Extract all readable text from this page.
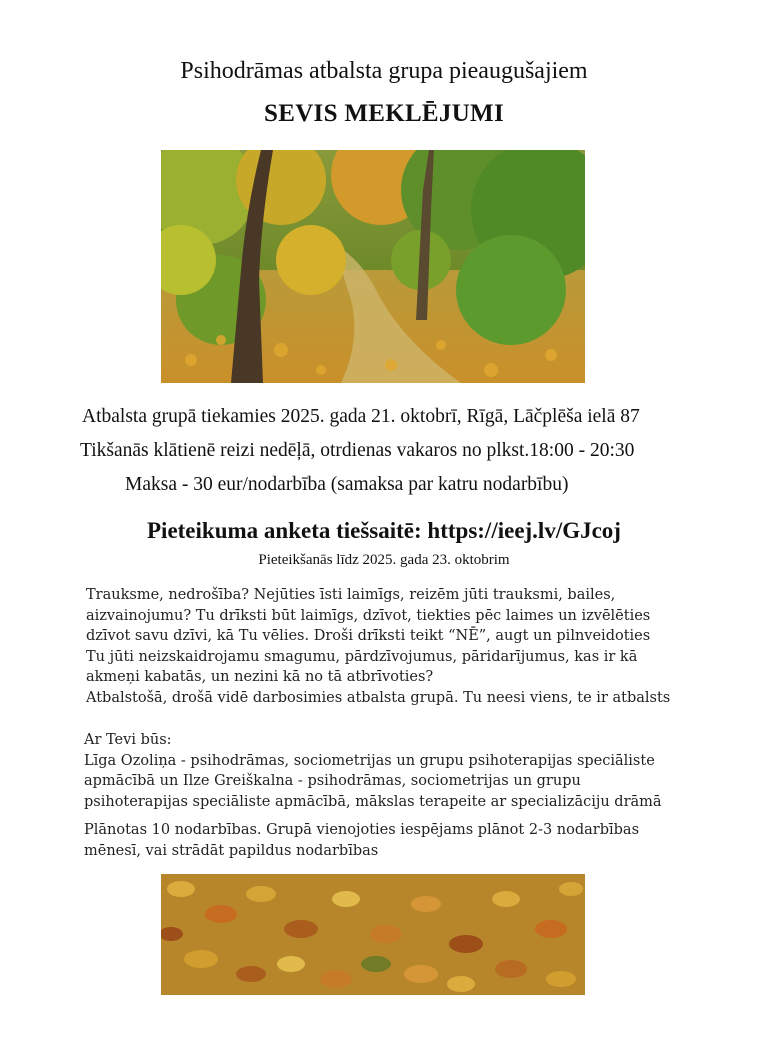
Psihodrāmas atbalsta grupa pieaugušajiem
SEVIS MEKLĒJUMI
Atbalsta grupā tiekamies 2025. gada 21. oktobrī, Rīgā, Lāčplēša ielā 87
Tikšanās klātienē reizi nedēļā, otrdienas vakaros no plkst.18:00 - 20:30
Maksa - 30 eur/nodarbība (samaksa par katru nodarbību)
Pieteikuma anketa tiešsaitē: https://ieej.lv/GJcoj
Pieteikšanās līdz 2025. gada 23. oktobrim
Trauksme, nedrošība? Nejūties īsti laimīgs, reizēm jūti trauksmi, bailes,
aizvainojumu? Tu drīksti būt laimīgs, dzīvot, tiekties pēc laimes un izvēlēties
dzīvot savu dzīvi, kā Tu vēlies. Droši drīksti teikt “NĒ”, augt un pilnveidoties
Tu jūti neizskaidrojamu smagumu, pārdzīvojumus, pāridarījumus, kas ir kā
akmeņi kabatās, un nezini kā no tā atbrīvoties?
Atbalstošā, drošā vidē darbosimies atbalsta grupā. Tu neesi viens, te ir atbalsts
Ar Tevi būs:
Līga Ozoliņa - psihodrāmas, sociometrijas un grupu psihoterapijas speciāliste
apmācībā un Ilze Greiškalna - psihodrāmas, sociometrijas un grupu
psihoterapijas speciāliste apmācībā, mākslas terapeite ar specializāciju drāmā
Plānotas 10 nodarbības. Grupā vienojoties iespējams plānot 2-3 nodarbības
mēnesī, vai strādāt papildus nodarbības
